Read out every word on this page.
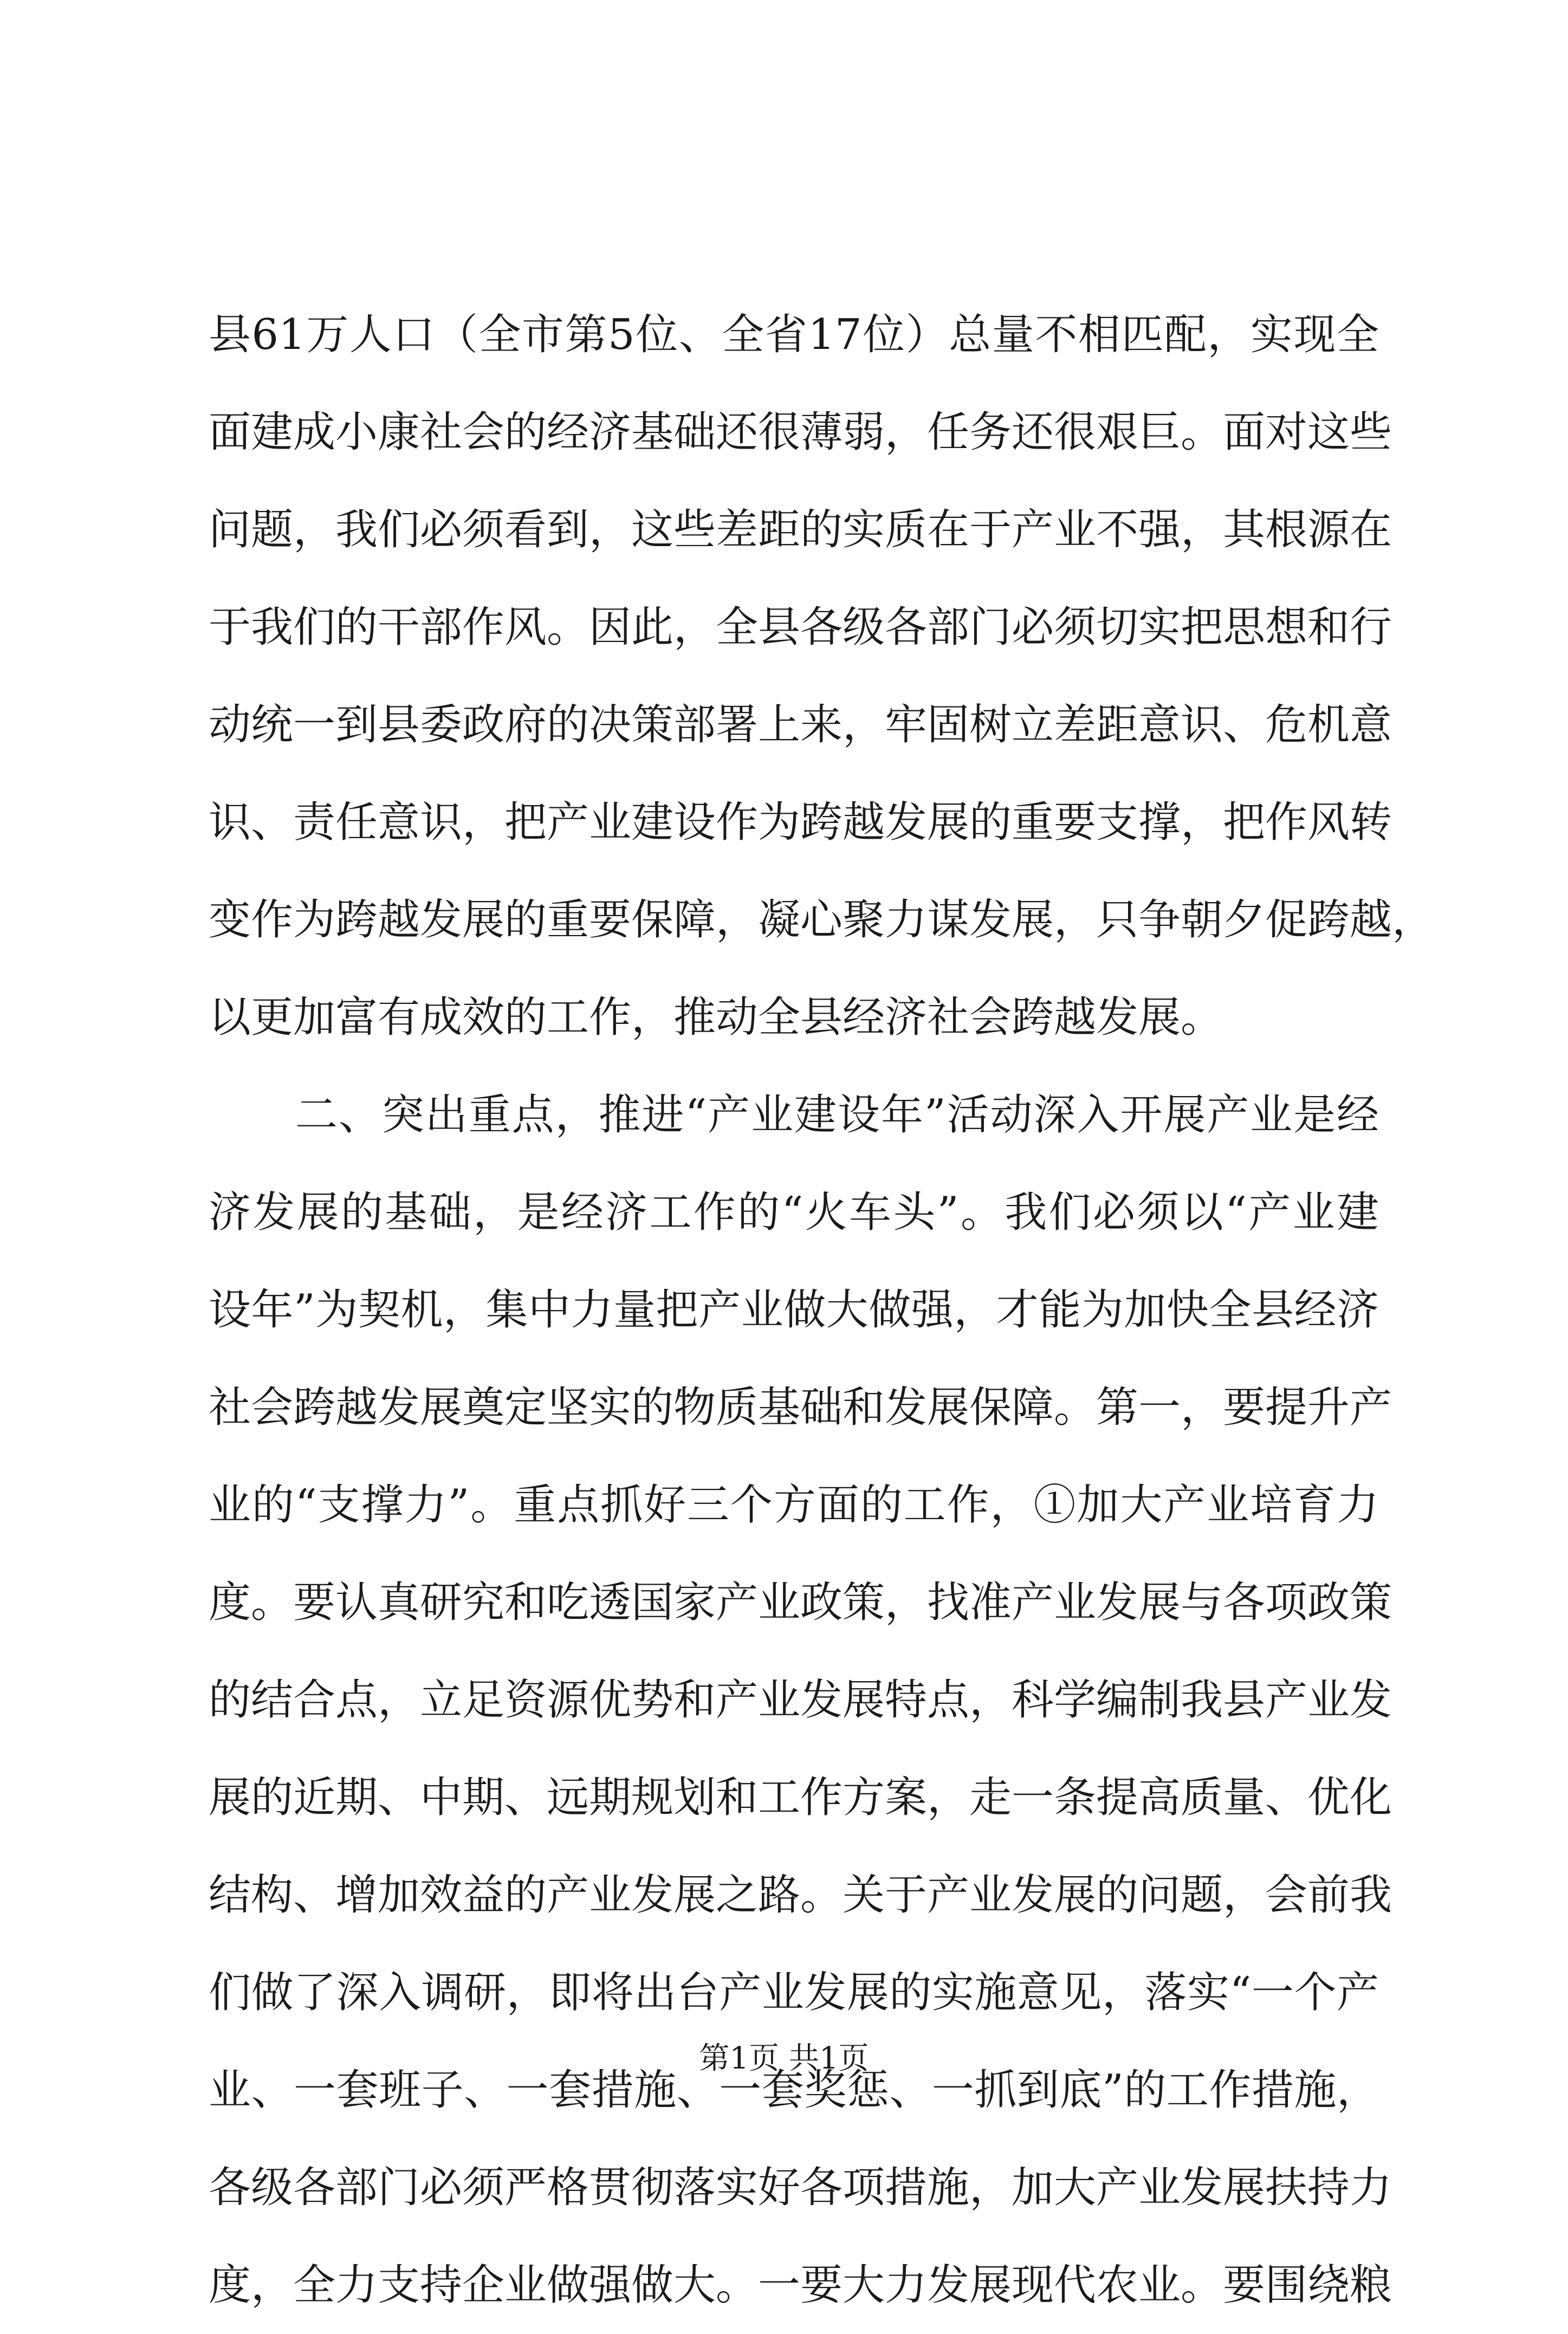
县61万人口（全市第5位、全省17位）总量不相匹配，实现全
面建成小康社会的经济基础还很薄弱，任务还很艰巨。面对这些
问题，我们必须看到，这些差距的实质在于产业不强，其根源在
于我们的干部作风。因此，全县各级各部门必须切实把思想和行
动统一到县委政府的决策部署上来，牢固树立差距意识、危机意
识、责任意识，把产业建设作为跨越发展的重要支撑，把作风转
变作为跨越发展的重要保障，凝心聚力谋发展，只争朝夕促跨越，
以更加富有成效的工作，推动全县经济社会跨越发展。
二、突出重点，推进“产业建设年”活动深入开展产业是经
济发展的基础，是经济工作的“火车头”。我们必须以“产业建
设年”为契机，集中力量把产业做大做强，才能为加快全县经济
社会跨越发展奠定坚实的物质基础和发展保障。第一，要提升产
业的“支撑力”。重点抓好三个方面的工作，①加大产业培育力
度。要认真研究和吃透国家产业政策，找准产业发展与各项政策
的结合点，立足资源优势和产业发展特点，科学编制我县产业发
展的近期、中期、远期规划和工作方案，走一条提高质量、优化
结构、增加效益的产业发展之路。关于产业发展的问题，会前我
们做了深入调研，即将出台产业发展的实施意见，落实“一个产
业、一套班子、一套措施、一套奖惩、一抓到底”的工作措施，
各级各部门必须严格贯彻落实好各项措施，加大产业发展扶持力
度，全力支持企业做强做大。一要大力发展现代农业。要围绕粮
第1页 共1页
